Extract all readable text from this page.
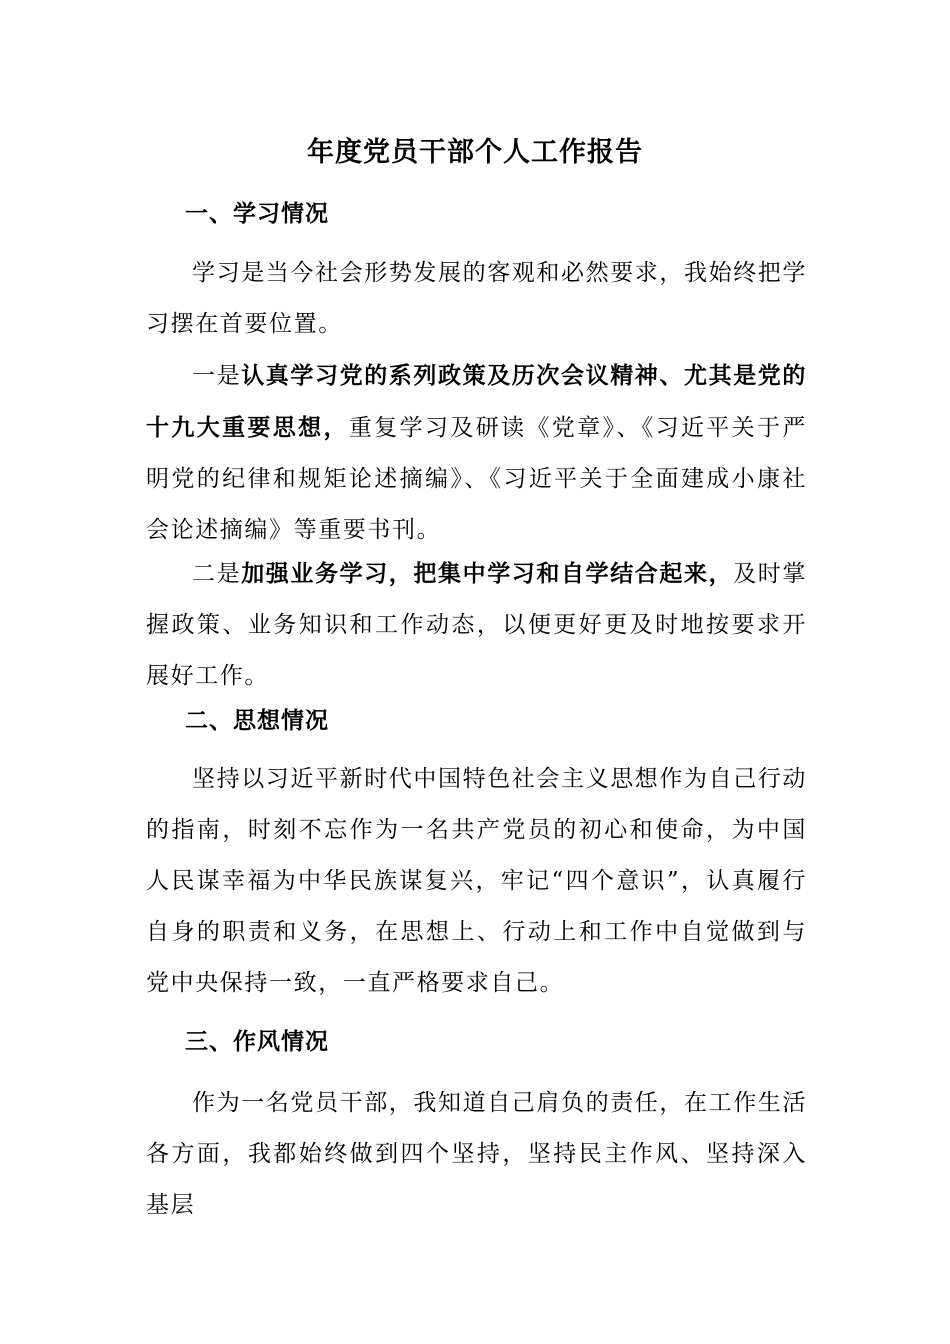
年度党员干部个人工作报告
一、学习情况

学习是当今社会形势发展的客观和必然要求，我始终把学习摆在首要位置。

一是认真学习党的系列政策及历次会议精神、尤其是党的十九大重要思想，重复学习及研读《党章》、《习近平关于严明党的纪律和规矩论述摘编》、《习近平关于全面建成小康社会论述摘编》等重要书刊。

二是加强业务学习，把集中学习和自学结合起来，及时掌握政策、业务知识和工作动态，以便更好更及时地按要求开展好工作。

二、思想情况

坚持以习近平新时代中国特色社会主义思想作为自己行动的指南，时刻不忘作为一名共产党员的初心和使命，为中国人民谋幸福为中华民族谋复兴，牢记“四个意识”，认真履行自身的职责和义务，在思想上、行动上和工作中自觉做到与党中央保持一致，一直严格要求自己。

三、作风情况

作为一名党员干部，我知道自己肩负的责任，在工作生活各方面，我都始终做到四个坚持，坚持民主作风、坚持深入基层
